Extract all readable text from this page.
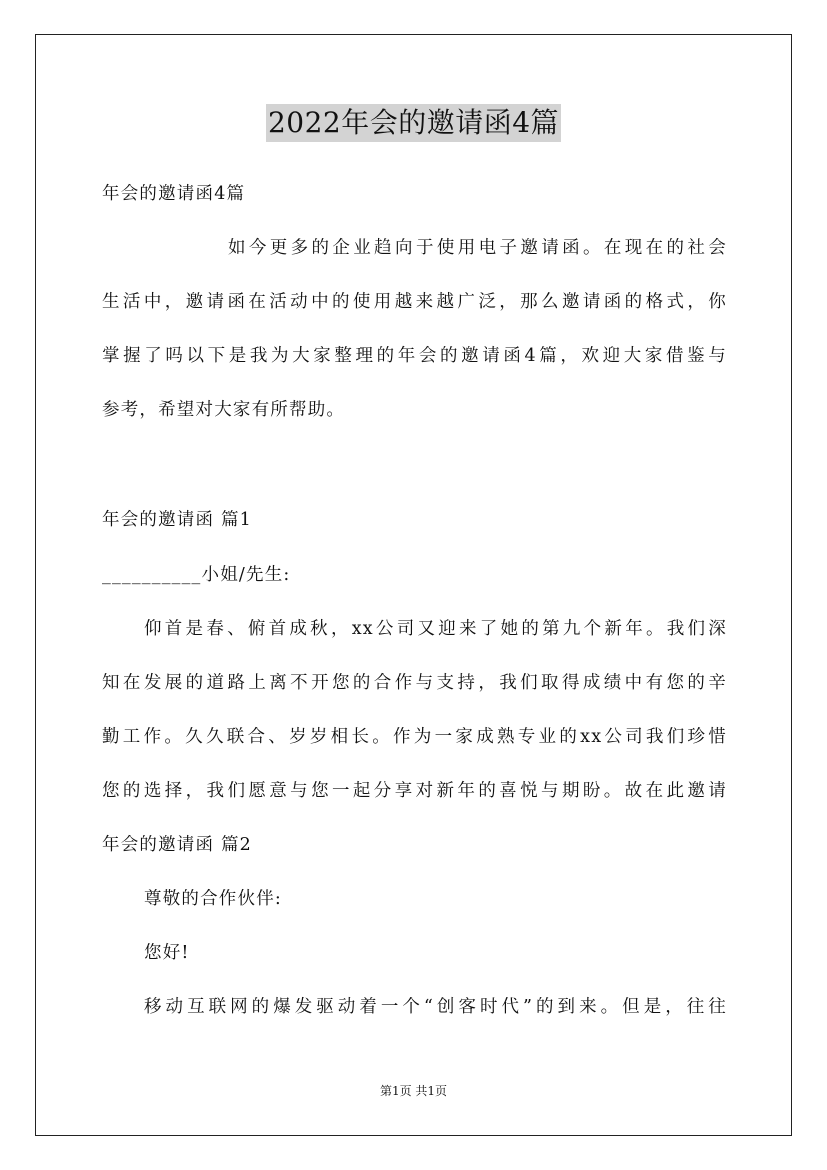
2022年会的邀请函4篇
年会的邀请函4篇
如今更多的企业趋向于使用电子邀请函。在现在的社会
生活中，邀请函在活动中的使用越来越广泛，那么邀请函的格式，你
掌握了吗以下是我为大家整理的年会的邀请函4篇，欢迎大家借鉴与
参考，希望对大家有所帮助。
年会的邀请函 篇1
__________小姐/先生:
仰首是春、俯首成秋，xx公司又迎来了她的第九个新年。我们深
知在发展的道路上离不开您的合作与支持，我们取得成绩中有您的辛
勤工作。久久联合、岁岁相长。作为一家成熟专业的xx公司我们珍惜
您的选择，我们愿意与您一起分享对新年的喜悦与期盼。故在此邀请
年会的邀请函 篇2
尊敬的合作伙伴:
您好!
移动互联网的爆发驱动着一个“创客时代”的到来。但是，往往
第1页 共1页
